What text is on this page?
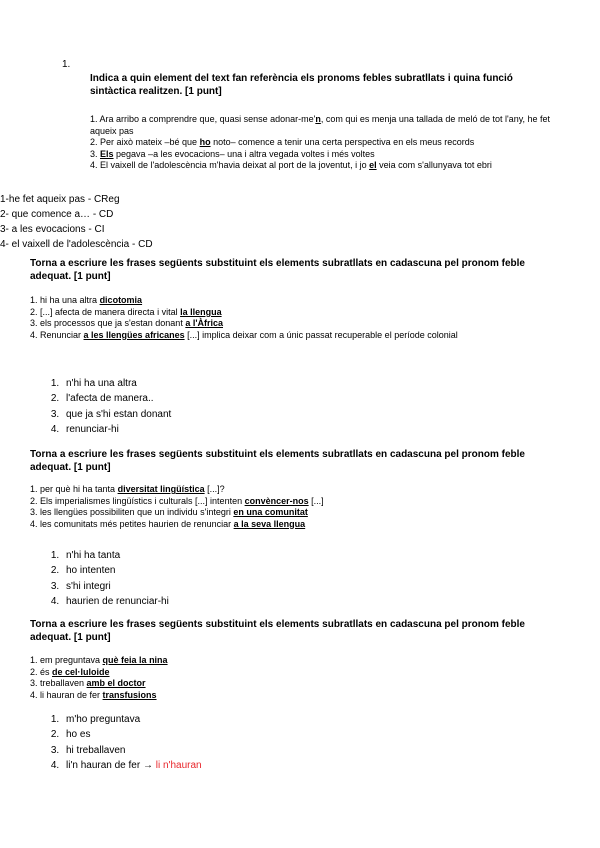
1.
Indica a quin element del text fan referència els pronoms febles subratllats i quina funció sintàctica realitzen. [1 punt]
1. Ara arribo a comprendre que, quasi sense adonar-me'n, com qui es menja una tallada de meló de tot l'any, he fet aqueix pas
2. Per això mateix –bé que ho noto– comence a tenir una certa perspectiva en els meus records
3. Els pegava –a les evocacions– una i altra vegada voltes i més voltes
4. El vaixell de l'adolescència m'havia deixat al port de la joventut, i jo el veia com s'allunyava tot ebri
1-he fet aqueix pas - CReg
2- que comence a… - CD
3- a les evocacions - CI
4- el vaixell de l'adolescència - CD
Torna a escriure les frases següents substituint els elements subratllats en cadascuna pel pronom feble adequat. [1 punt]
1. hi ha una altra dicotomia
2. [...] afecta de manera directa i vital la llengua
3. els processos que ja s'estan donant a l'Àfrica
4. Renunciar a les llengües africanes [...] implica deixar com a únic passat recuperable el període colonial
1. n'hi ha una altra
2. l'afecta de manera..
3. que ja s'hi estan donant
4. renunciar-hi
Torna a escriure les frases següents substituint els elements subratllats en cadascuna pel pronom feble adequat. [1 punt]
1. per què hi ha tanta diversitat lingüística [...]?
2. Els imperialismes lingüístics i culturals [...] intenten convèncer-nos [...]
3. les llengües possibiliten que un individu s'integri en una comunitat
4. les comunitats més petites haurien de renunciar a la seva llengua
1. n'hi ha tanta
2. ho intenten
3. s'hi integri
4. haurien de renunciar-hi
Torna a escriure les frases següents substituint els elements subratllats en cadascuna pel pronom feble adequat. [1 punt]
1. em preguntava què feia la nina
2. és de cel·luloide
3. treballaven amb el doctor
4. li hauran de fer transfusions
1. m'ho preguntava
2. ho es
3. hi treballaven
4. li'n hauran de fer → li n'hauran
